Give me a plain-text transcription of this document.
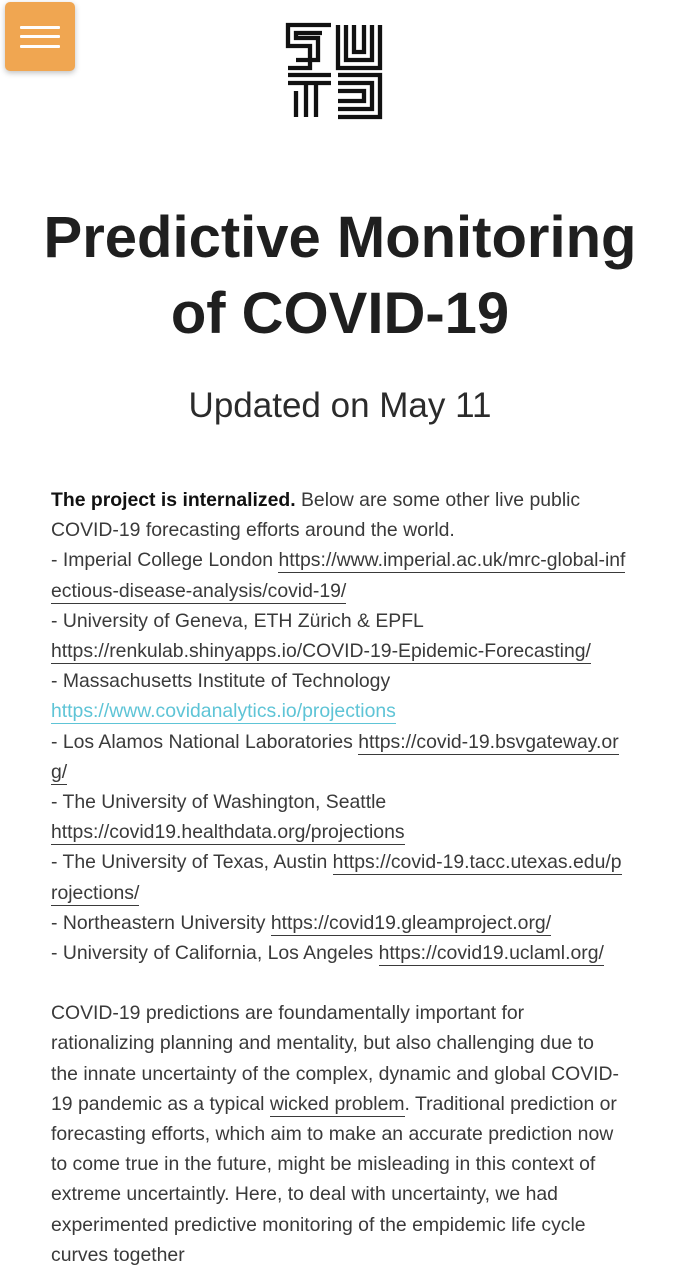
Predictive Monitoring
of COVID-19
Updated on May 11

The project is internalized. Below are some other live public COVID-19 forecasting efforts around the world.
- Imperial College London https://www.imperial.ac.uk/mrc-global-infectious-disease-analysis/covid-19/
- University of Geneva, ETH Zürich & EPFL https://renkulab.shinyapps.io/COVID-19-Epidemic-Forecasting/
- Massachusetts Institute of Technology https://www.covidanalytics.io/projections
- Los Alamos National Laboratories https://covid-19.bsvgateway.org/
- The University of Washington, Seattle https://covid19.healthdata.org/projections
- The University of Texas, Austin https://covid-19.tacc.utexas.edu/projections/
- Northeastern University https://covid19.gleamproject.org/
- University of California, Los Angeles https://covid19.uclaml.org/

COVID-19 predictions are foundamentally important for rationalizing planning and mentality, but also challenging due to the innate uncertainty of the complex, dynamic and global COVID-19 pandemic as a typical wicked problem. Traditional prediction or forecasting efforts, which aim to make an accurate prediction now to come true in the future, might be misleading in this context of extreme uncertaintly. Here, to deal with uncertainty, we had experimented predictive monitoring of the empidemic life cycle curves together
